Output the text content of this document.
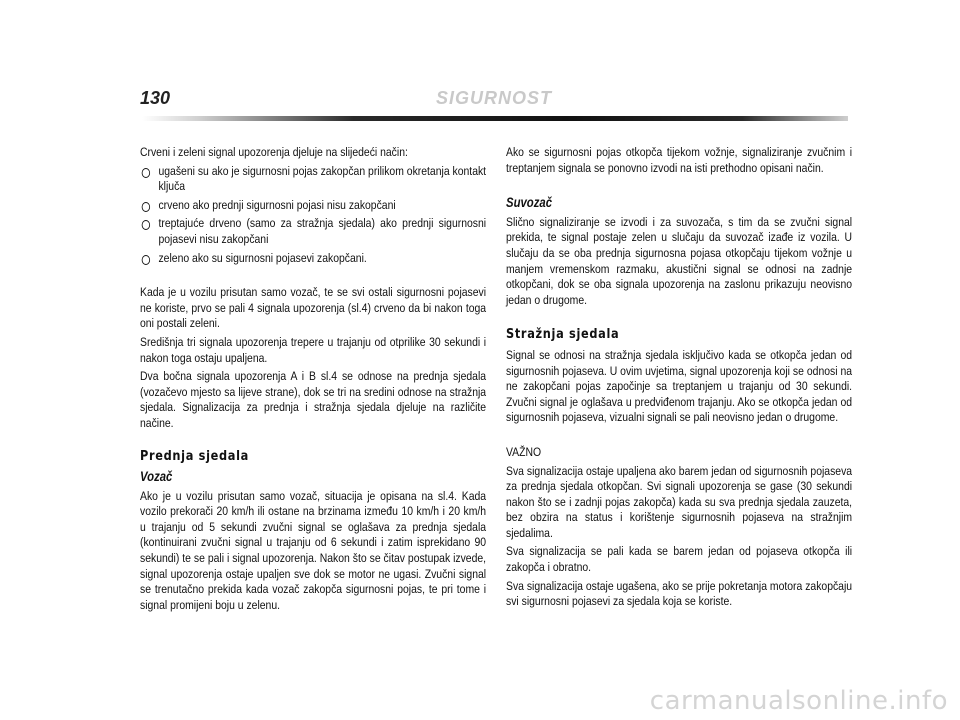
130	SIGURNOST

Crveni i zeleni signal upozorenja djeluje na slijedeći način:

ugašeni su ako je sigurnosni pojas zakopčan prilikom okretanja kontakt ključa
crveno ako prednji sigurnosni pojasi nisu zakopčani
treptajuće drveno (samo za stražnja sjedala) ako prednji sigurnosni pojasevi nisu zakopčani
zeleno ako su sigurnosni pojasevi zakopčani.

Kada je u vozilu prisutan samo vozač, te se svi ostali sigurnosni pojasevi ne koriste, prvo se pali 4 signala upozorenja (sl.4) crveno da bi nakon toga oni postali zeleni.

Središnja tri signala upozorenja trepere u trajanju od otprilike 30 sekundi i nakon toga ostaju upaljena.

Dva bočna signala upozorenja A i B sl.4 se odnose na prednja sjedala (vozačevo mjesto sa lijeve strane), dok se tri na sredini odnose na stražnja sjedala. Signalizacija za prednja i stražnja sjedala djeluje na različite načine.

Prednja sjedala
Vozač

Ako je u vozilu prisutan samo vozač, situacija je opisana na sl.4. Kada vozilo prekorači 20 km/h ili ostane na brzinama između 10 km/h i 20 km/h u trajanju od 5 sekundi zvučni signal se oglašava za prednja sjedala (kontinuirani zvučni signal u trajanju od 6 sekundi i zatim isprekidano 90 sekundi) te se pali i signal upozorenja. Nakon što se čitav postupak izvede, signal upozorenja ostaje upaljen sve dok se motor ne ugasi. Zvučni signal se trenutačno prekida kada vozač zakopča sigurnosni pojas, te pri tome i signal promijeni boju u zelenu.

Ako se sigurnosni pojas otkopča tijekom vožnje, signaliziranje zvučnim i treptanjem signala se ponovno izvodi na isti prethodno opisani način.

Suvozač

Slično signaliziranje se izvodi i za suvozača, s tim da se zvučni signal prekida, te signal postaje zelen u slučaju da suvozač izađe iz vozila. U slučaju da se oba prednja sigurnosna pojasa otkopčaju tijekom vožnje u manjem vremenskom razmaku, akustični signal se odnosi na zadnje otkopčani, dok se oba signala upozorenja na zaslonu prikazuju neovisno jedan o drugome.

Stražnja sjedala

Signal se odnosi na stražnja sjedala isključivo kada se otkopča jedan od sigurnosnih pojaseva. U ovim uvjetima, signal upozorenja koji se odnosi na ne zakopčani pojas započinje sa treptanjem u trajanju od 30 sekundi. Zvučni signal je oglašava u predviđenom trajanju. Ako se otkopča jedan od sigurnosnih pojaseva, vizualni signali se pali neovisno jedan o drugome.

VAŽNO

Sva signalizacija ostaje upaljena ako barem jedan od sigurnosnih pojaseva za prednja sjedala otkopčan. Svi signali upozorenja se gase (30 sekundi nakon što se i zadnji pojas zakopča) kada su sva prednja sjedala zauzeta, bez obzira na status i korištenje sigurnosnih pojaseva na stražnjim sjedalima.

Sva signalizacija se pali kada se barem jedan od pojaseva otkopča ili zakopča i obratno.

Sva signalizacija ostaje ugašena, ako se prije pokretanja motora zakopčaju svi sigurnosni pojasevi za sjedala koja se koriste.

carmanualsonline.info
